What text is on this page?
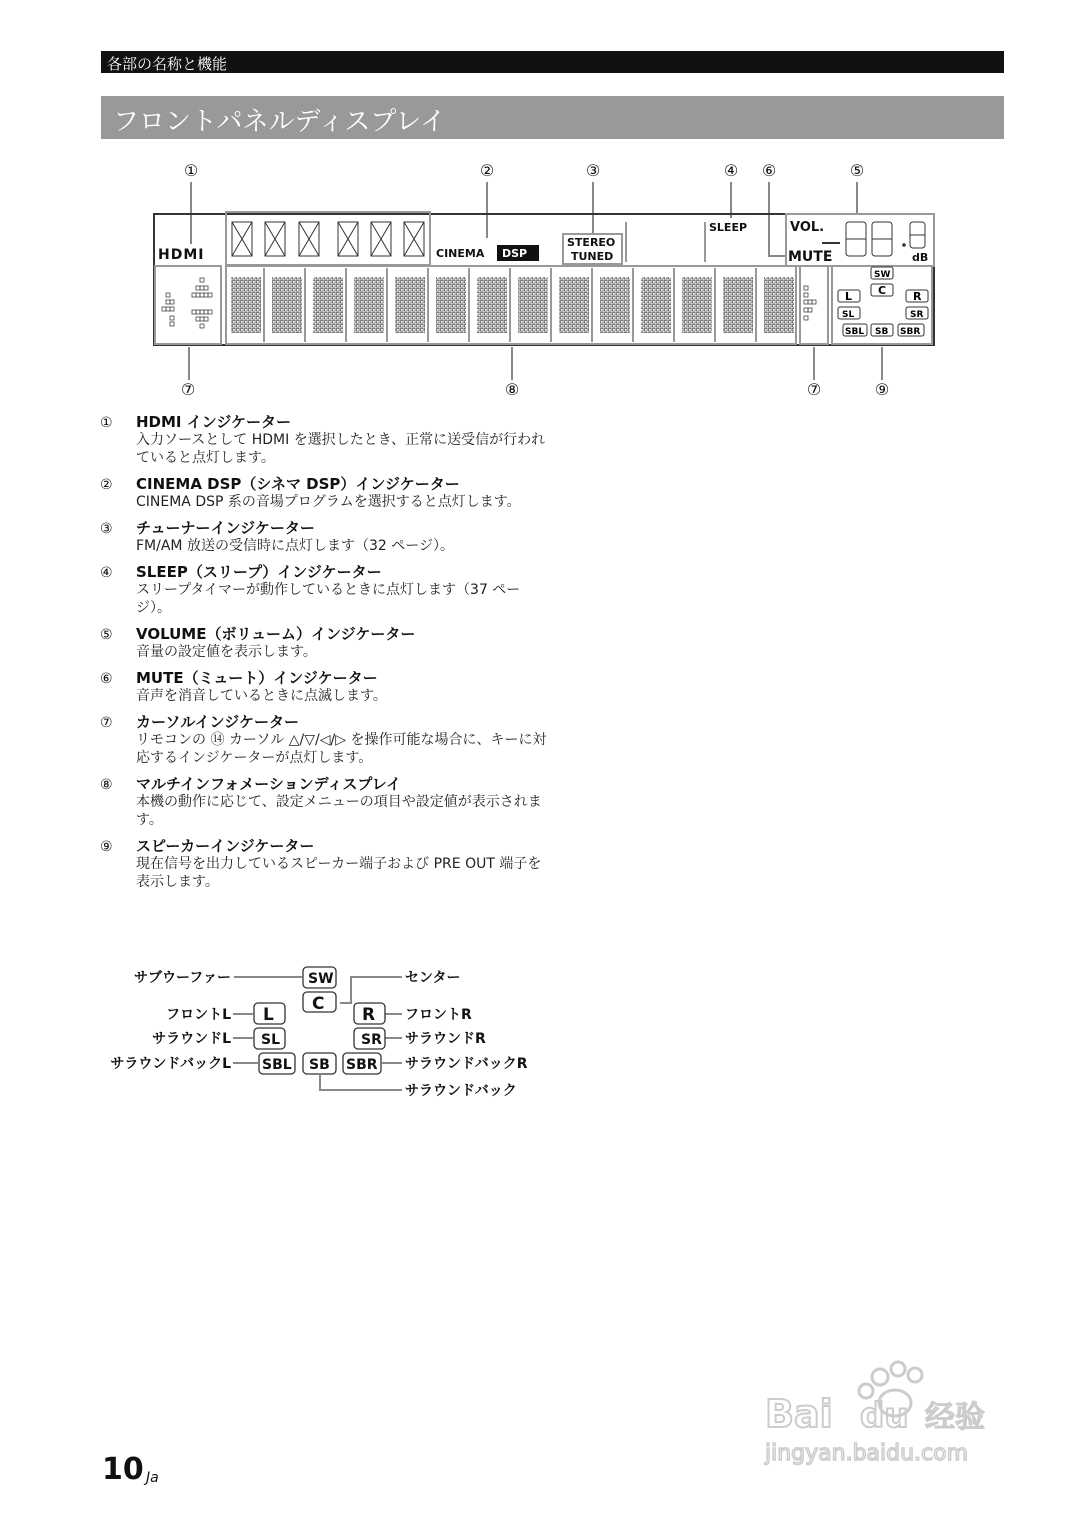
各部の名称と機能
フロントパネルディスプレイ
①	②	③	④ ⑥	⑤
⑦	⑧	⑦	⑨
HDMI	CINEMA DSP
STEREO
TUNED
SLEEP	VOL.
dB
MUTE
SW
C
L	R
SL	SR
SBL SB SBR
SW
C
L	R
SL	SR
SBL SB SBR
サブウーファー	センター
フロントL	フロントR
サラウンドL	サラウンドR
サラウンドバックL	サラウンドバックR
サラウンドバック
① HDMI インジケーター
入力ソースとして HDMI を選択したとき、正常に送受信が行われていると点灯します。
② CINEMA DSP（シネマ DSP）インジケーター
CINEMA DSP 系の音場プログラムを選択すると点灯します。
③ チューナーインジケーター
FM/AM 放送の受信時に点灯します（32 ページ）。
④ SLEEP（スリープ）インジケーター
スリープタイマーが動作しているときに点灯します（37 ページ）。
⑤ VOLUME（ボリューム）インジケーター
音量の設定値を表示します。
⑥ MUTE（ミュート）インジケーター
音声を消音しているときに点滅します。
⑦ カーソルインジケーター
リモコンの ⑭ カーソル △/▽/◁/▷ を操作可能な場合に、キーに対応するインジケーターが点灯します。
⑧ マルチインフォメーションディスプレイ
本機の動作に応じて、設定メニューの項目や設定値が表示されます。
⑨ スピーカーインジケーター
現在信号を出力しているスピーカー端子および PRE OUT 端子を表示します。
10 Ja
Bai du 经验
jingyan.baidu.com
